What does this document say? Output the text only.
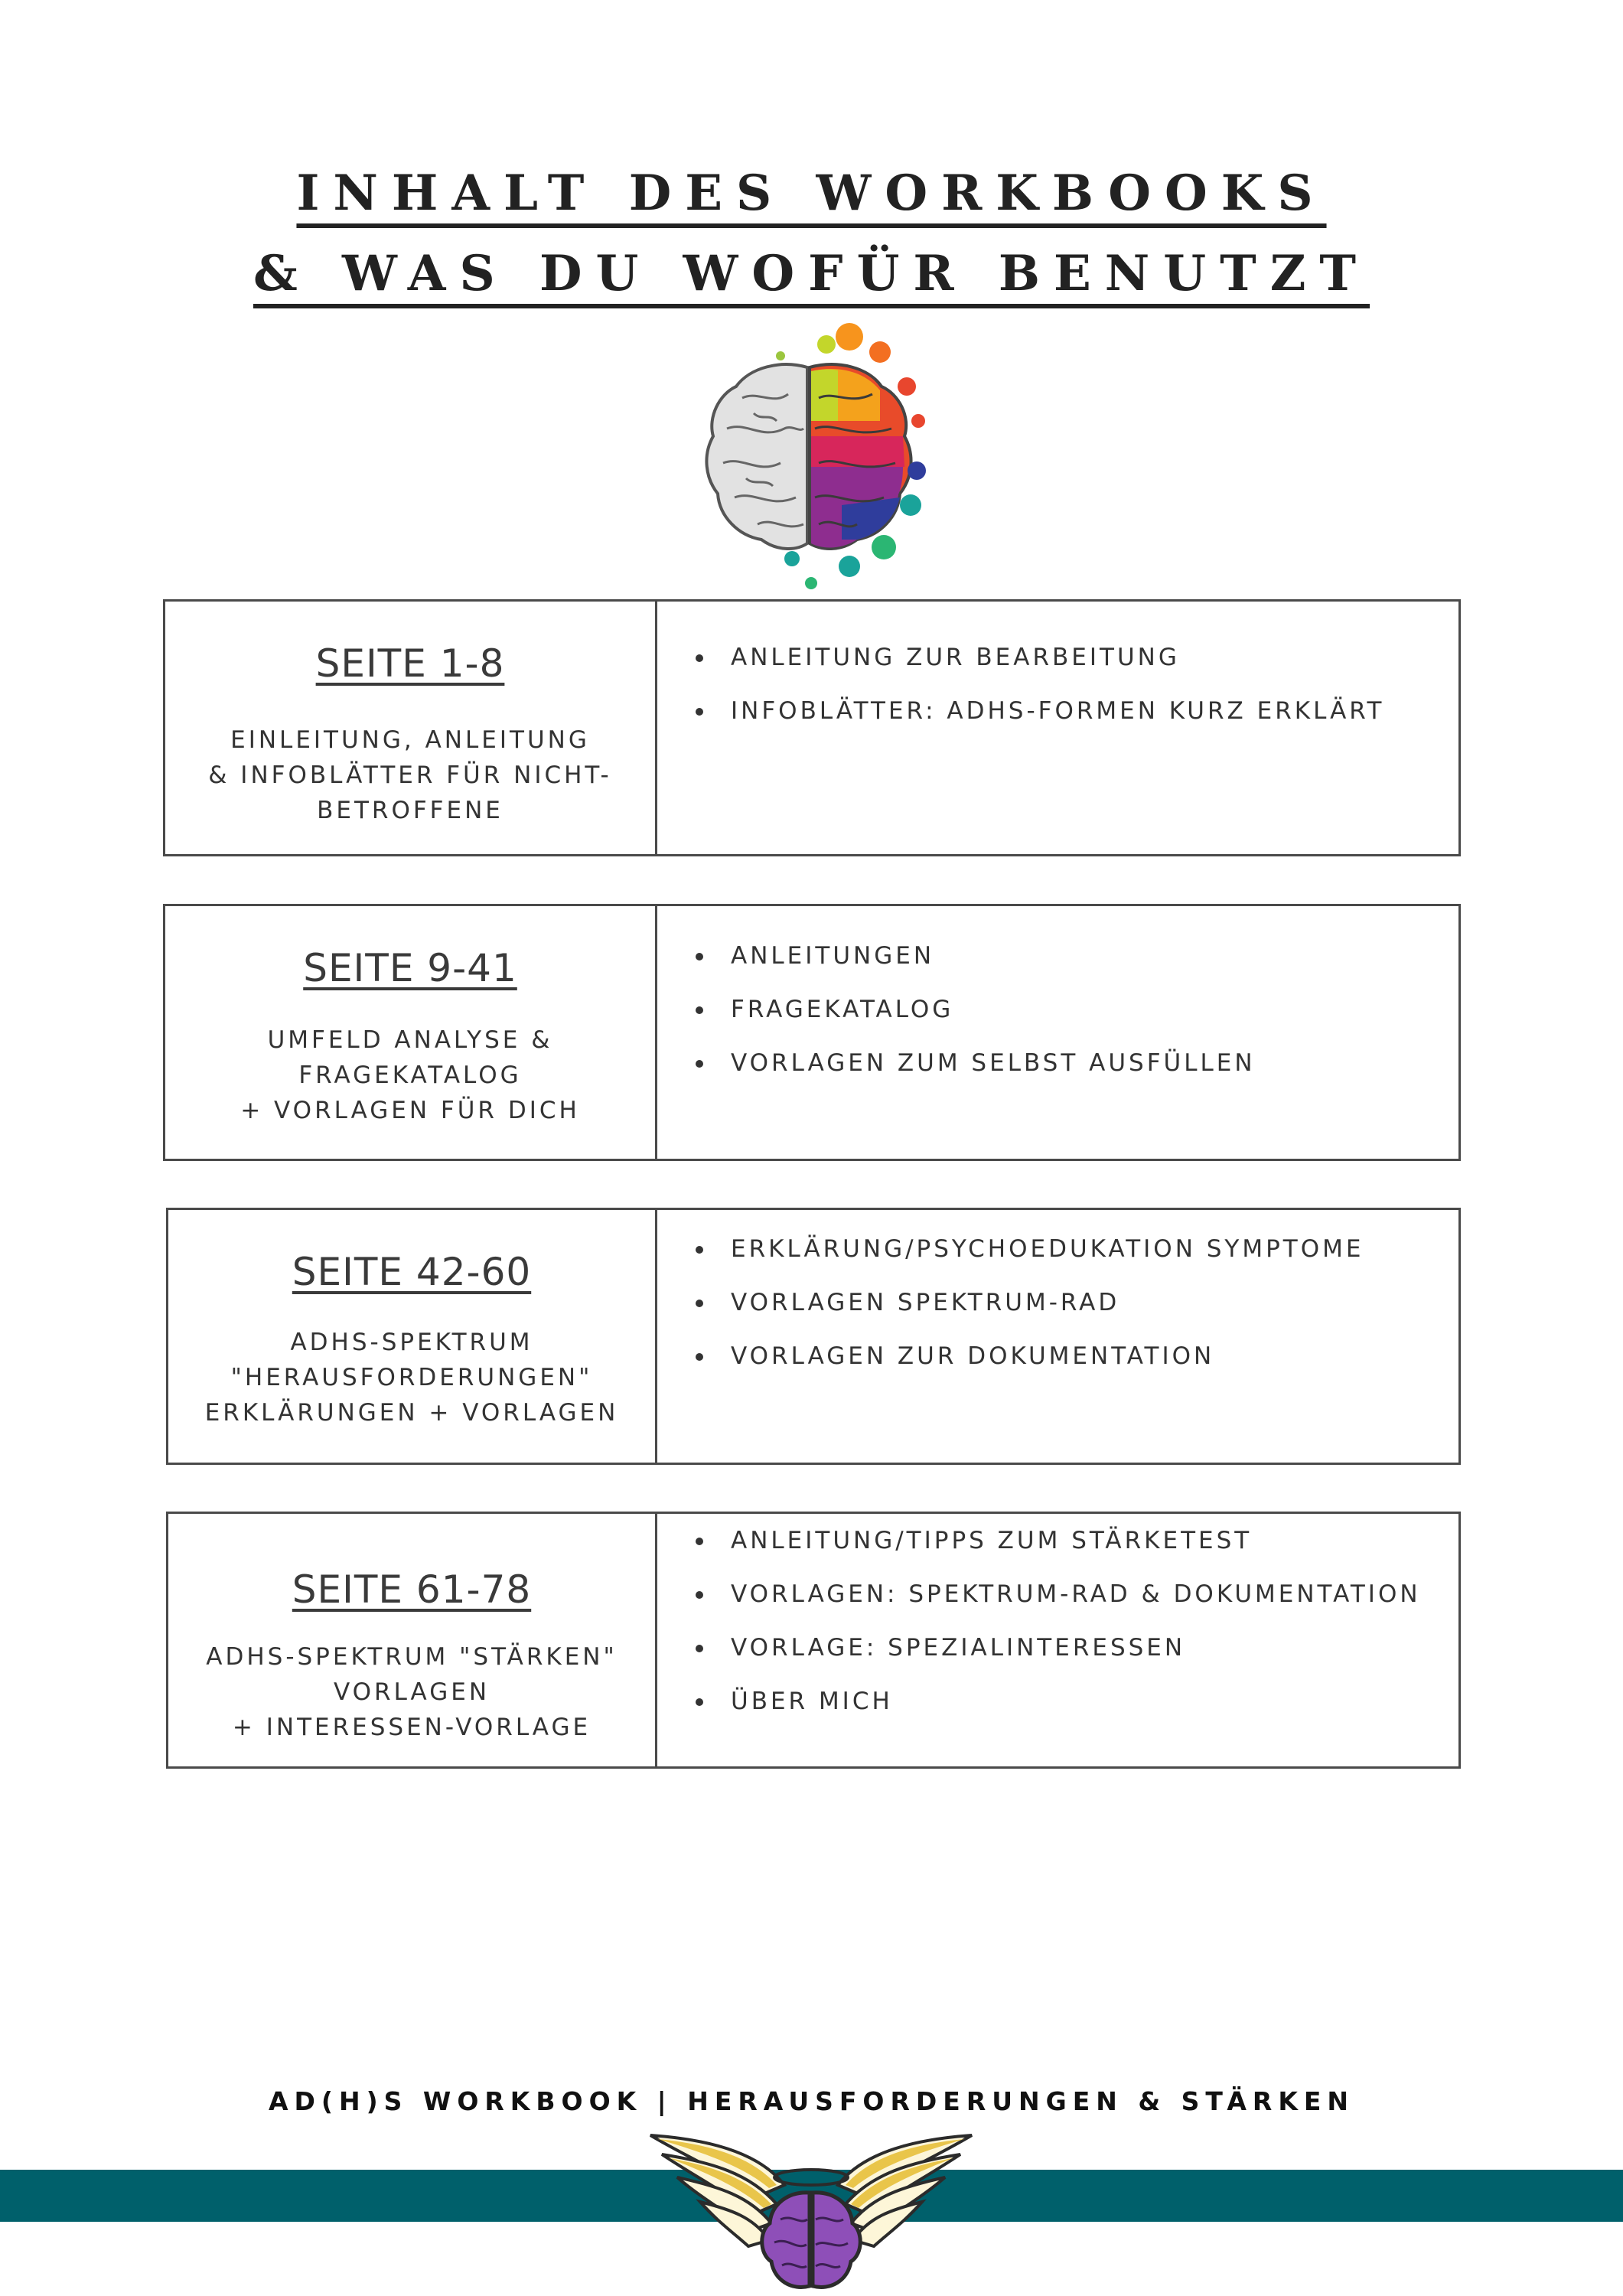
INHALT DES WORKBOOKS
& WAS DU WOFÜR BENUTZT
SEITE 1-8
EINLEITUNG, ANLEITUNG
& INFOBLÄTTER FÜR NICHT-
BETROFFENE
ANLEITUNG ZUR BEARBEITUNG
INFOBLÄTTER: ADHS-FORMEN KURZ ERKLÄRT
SEITE 9-41
UMFELD ANALYSE &
FRAGEKATALOG
+ VORLAGEN FÜR DICH
ANLEITUNGEN
FRAGEKATALOG
VORLAGEN ZUM SELBST AUSFÜLLEN
SEITE 42-60
ADHS-SPEKTRUM
"HERAUSFORDERUNGEN"
ERKLÄRUNGEN + VORLAGEN
ERKLÄRUNG/PSYCHOEDUKATION SYMPTOME
VORLAGEN SPEKTRUM-RAD
VORLAGEN ZUR DOKUMENTATION
SEITE 61-78
ADHS-SPEKTRUM "STÄRKEN"
VORLAGEN
+ INTERESSEN-VORLAGE
ANLEITUNG/TIPPS ZUM STÄRKETEST
VORLAGEN: SPEKTRUM-RAD & DOKUMENTATION
VORLAGE: SPEZIALINTERESSEN
ÜBER MICH
AD(H)S WORKBOOK | HERAUSFORDERUNGEN & STÄRKEN
